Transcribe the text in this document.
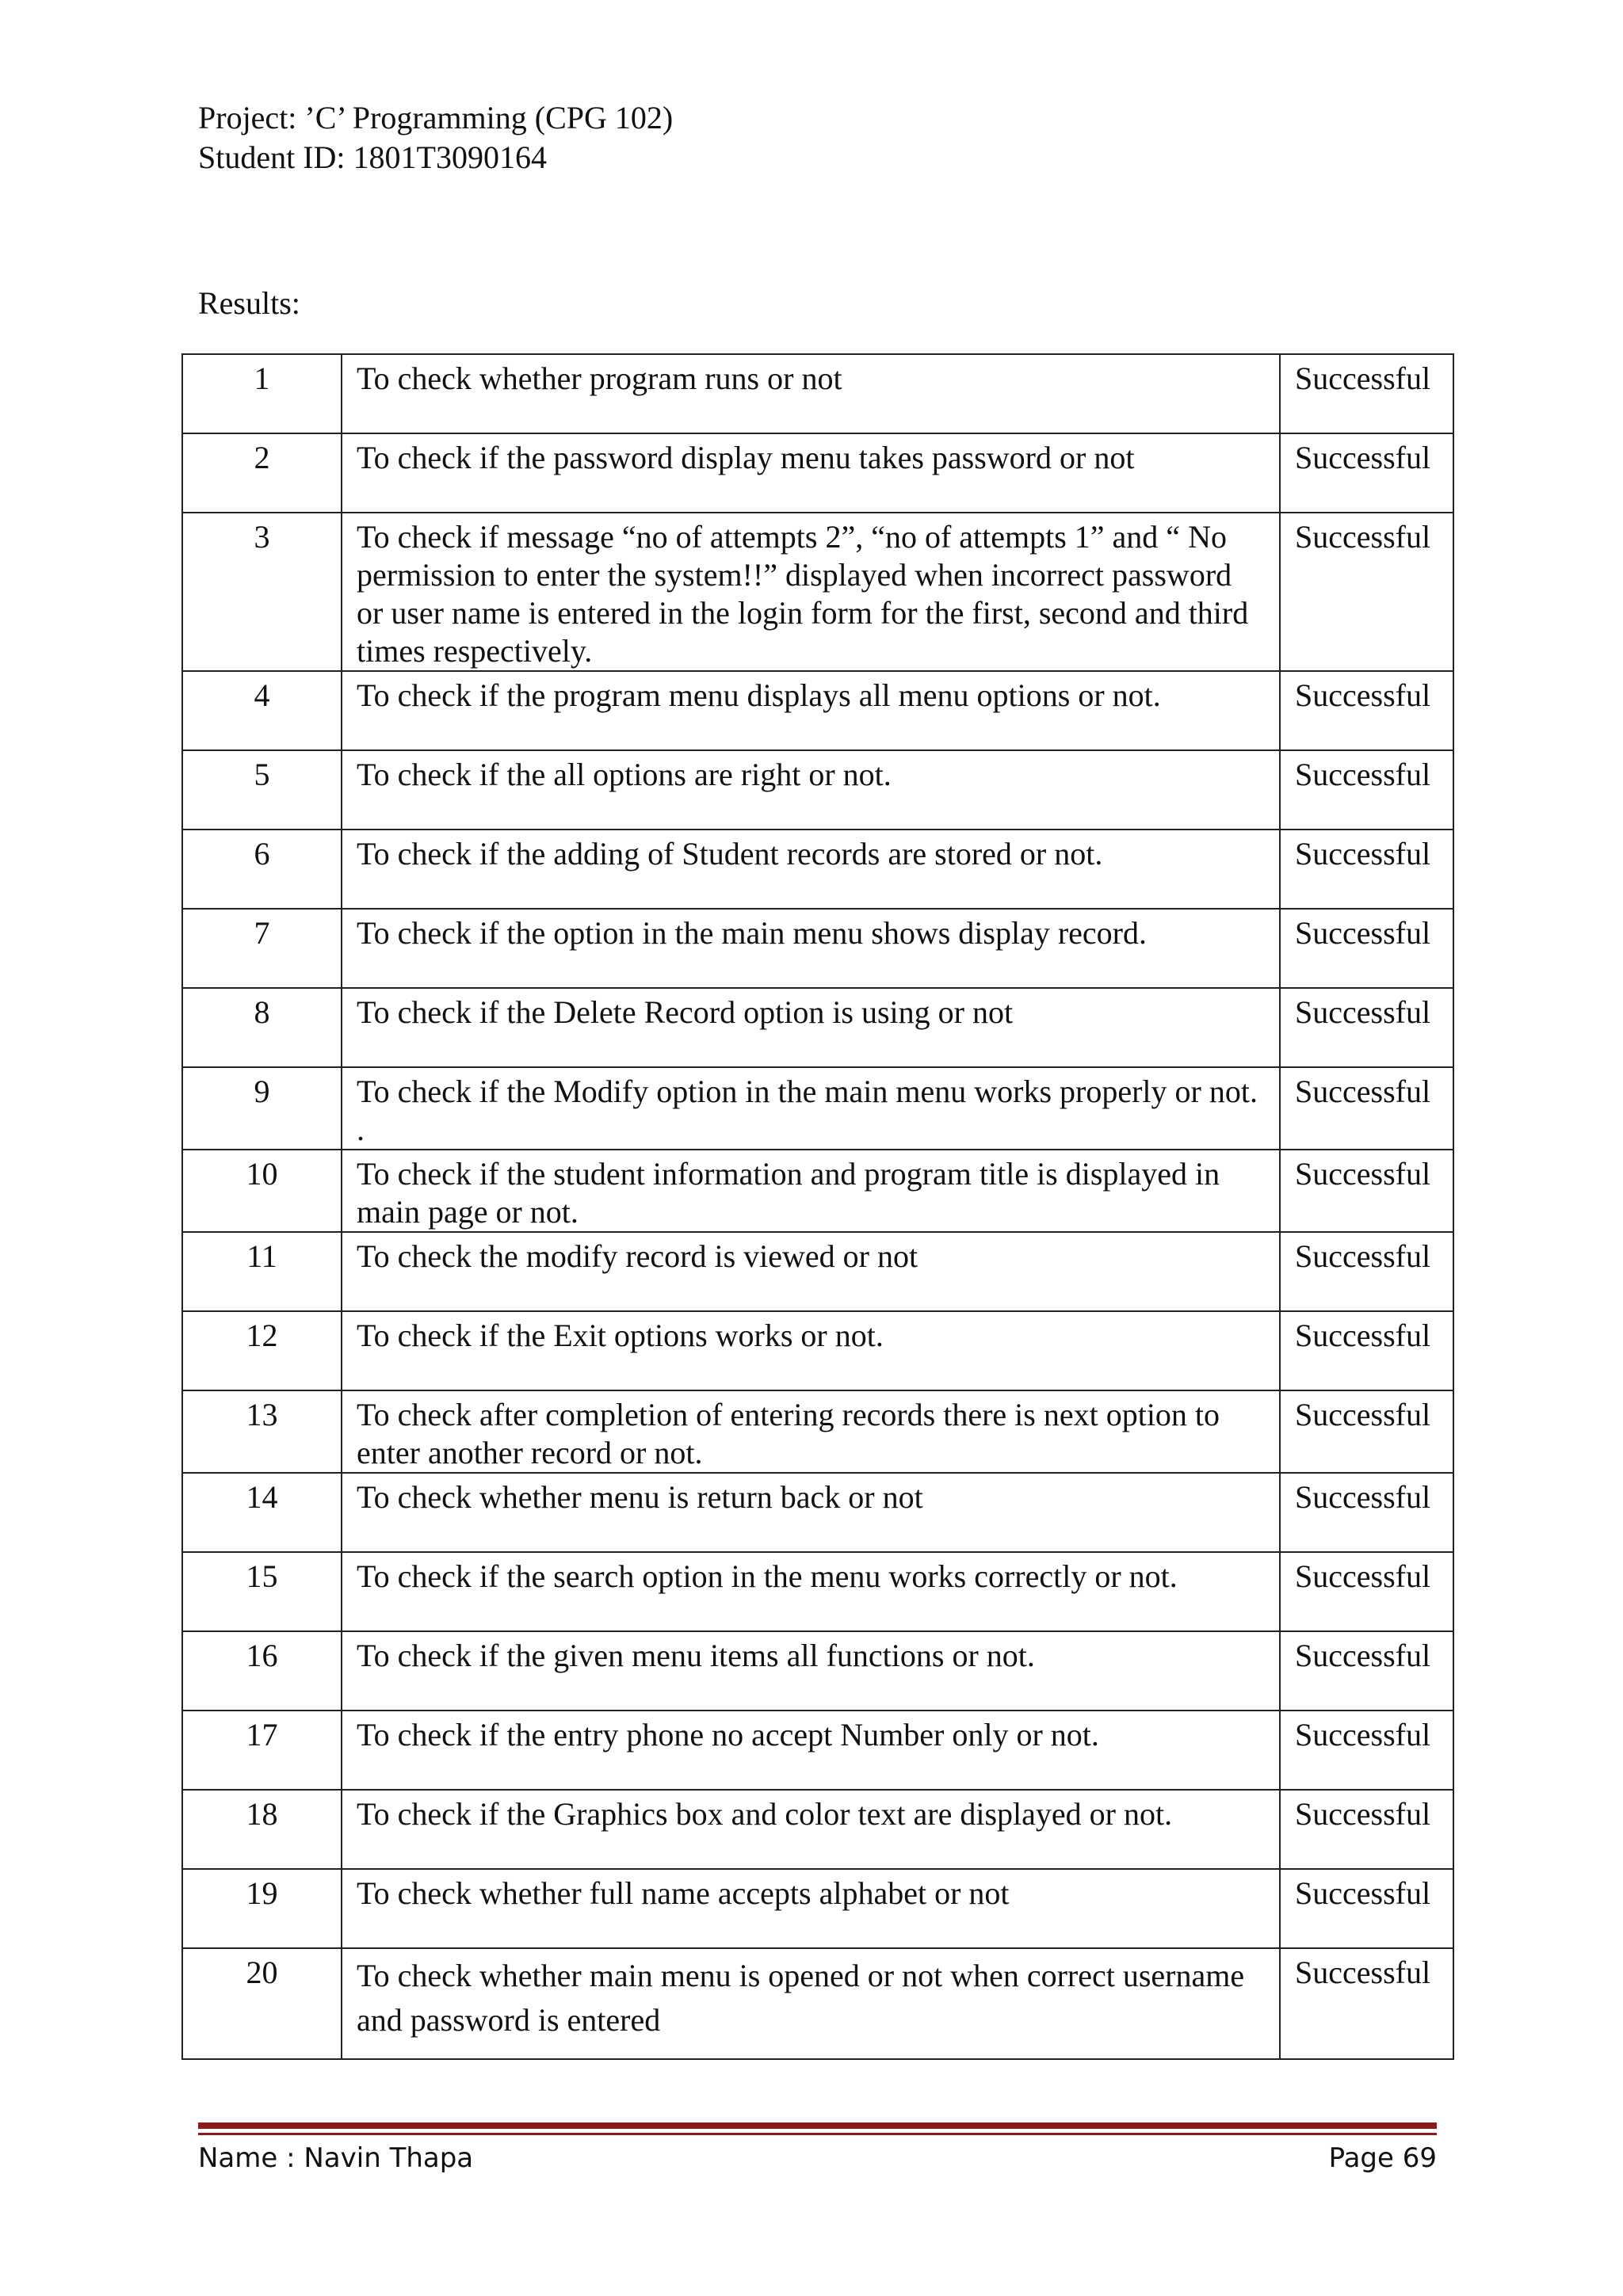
Project: ’C’ Programming (CPG 102)
Student ID: 1801T3090164
Results:
1	To check whether program runs or not	Successful
2	To check if the password display menu takes password or not	Successful
3	To check if message “no of attempts 2”, “no of attempts 1” and “ No permission to enter the system!!” displayed when incorrect password or user name is entered in the login form for the first, second and third times respectively.	Successful
4	To check if the program menu displays all menu options or not.	Successful
5	To check if the all options are right or not.	Successful
6	To check if the adding of Student records are stored or not.	Successful
7	To check if the option in the main menu shows display record.	Successful
8	To check if the Delete Record option is using or not	Successful
9	To check if the Modify option in the main menu works properly or not. .	Successful
10	To check if the student information and program title is displayed in main page or not.	Successful
11	To check the modify record is viewed or not	Successful
12	To check if the Exit options works or not.	Successful
13	To check after completion of entering records there is next option to enter another record or not.	Successful
14	To check whether menu is return back or not	Successful
15	To check if the search option in the menu works correctly or not.	Successful
16	To check if the given menu items all functions or not.	Successful
17	To check if the entry phone no accept Number only or not.	Successful
18	To check if the Graphics box and color text are displayed or not.	Successful
19	To check whether full name accepts alphabet or not	Successful
20	To check whether main menu is opened or not when correct username and password is entered	Successful
Name : Navin Thapa	Page 69
